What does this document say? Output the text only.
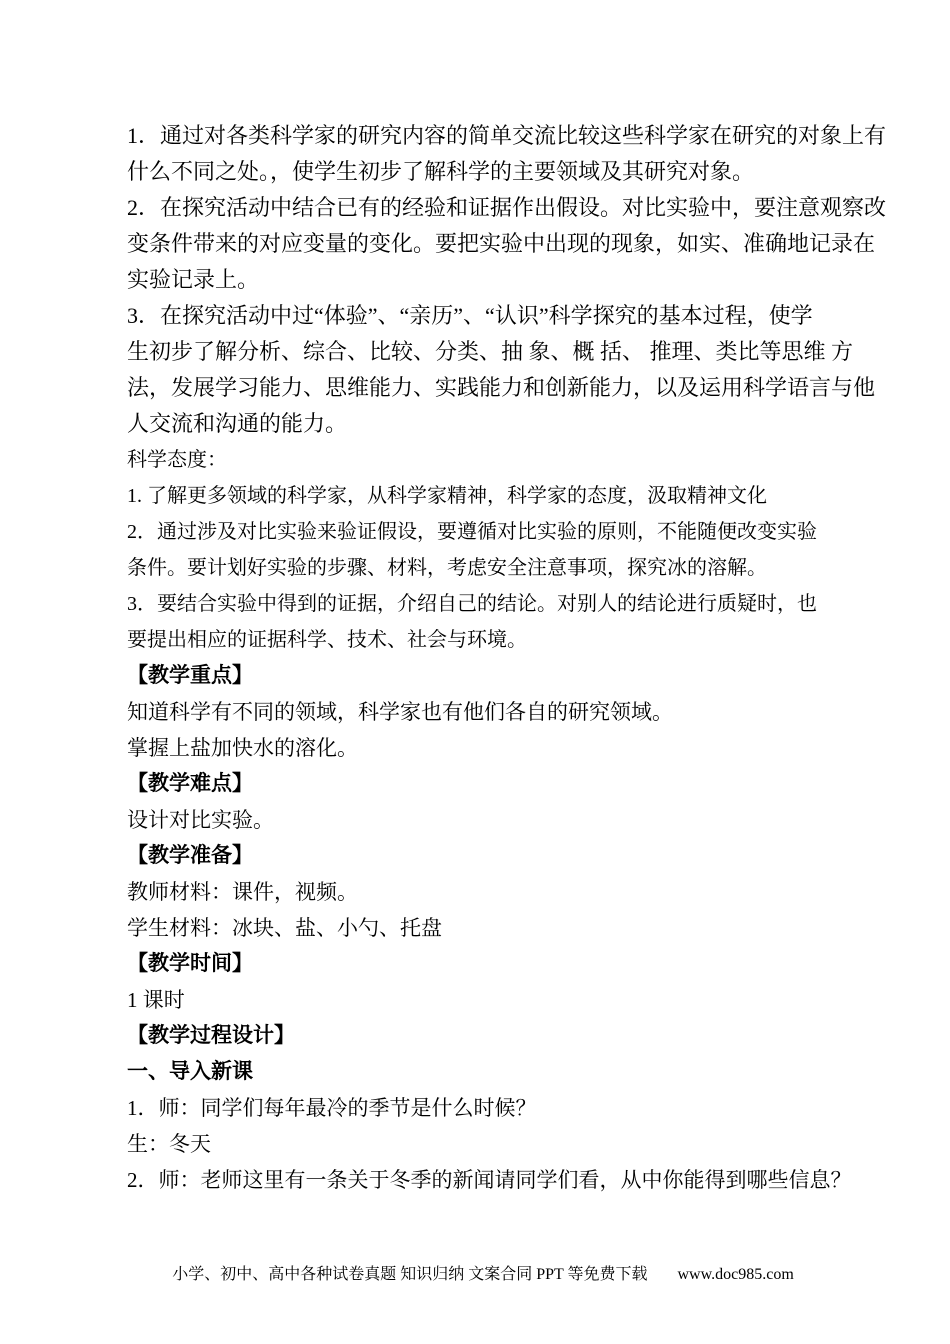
1．通过对各类科学家的研究内容的简单交流比较这些科学家在研究的对象上有
什么不同之处。，使学生初步了解科学的主要领域及其研究对象。
2．在探究活动中结合已有的经验和证据作出假设。对比实验中，要注意观察改
变条件带来的对应变量的变化。要把实验中出现的现象，如实、准确地记录在
实验记录上。
3．在探究活动中过“体验”、“亲历”、“认识”科学探究的基本过程，使学
生初步了解分析、综合、比较、分类、抽 象、概 括、 推理、类比等思维 方
法，发展学习能力、思维能力、实践能力和创新能力，以及运用科学语言与他
人交流和沟通的能力。
科学态度：
1. 了解更多领域的科学家，从科学家精神，科学家的态度，汲取精神文化
2．通过涉及对比实验来验证假设，要遵循对比实验的原则，不能随便改变实验
条件。要计划好实验的步骤、材料，考虑安全注意事项，探究冰的溶解。
3．要结合实验中得到的证据，介绍自己的结论。对别人的结论进行质疑时，也
要提出相应的证据科学、技术、社会与环境。
【教学重点】
知道科学有不同的领域，科学家也有他们各自的研究领域。
掌握上盐加快水的溶化。
【教学难点】
设计对比实验。
【教学准备】
教师材料：课件，视频。
学生材料：冰块、盐、小勺、托盘
【教学时间】
1 课时
【教学过程设计】
一、导入新课
1．师：同学们每年最冷的季节是什么时候？
生：冬天
2．师：老师这里有一条关于冬季的新闻请同学们看，从中你能得到哪些信息？

小学、初中、高中各种试卷真题 知识归纳 文案合同 PPT 等免费下载 www.doc985.com
